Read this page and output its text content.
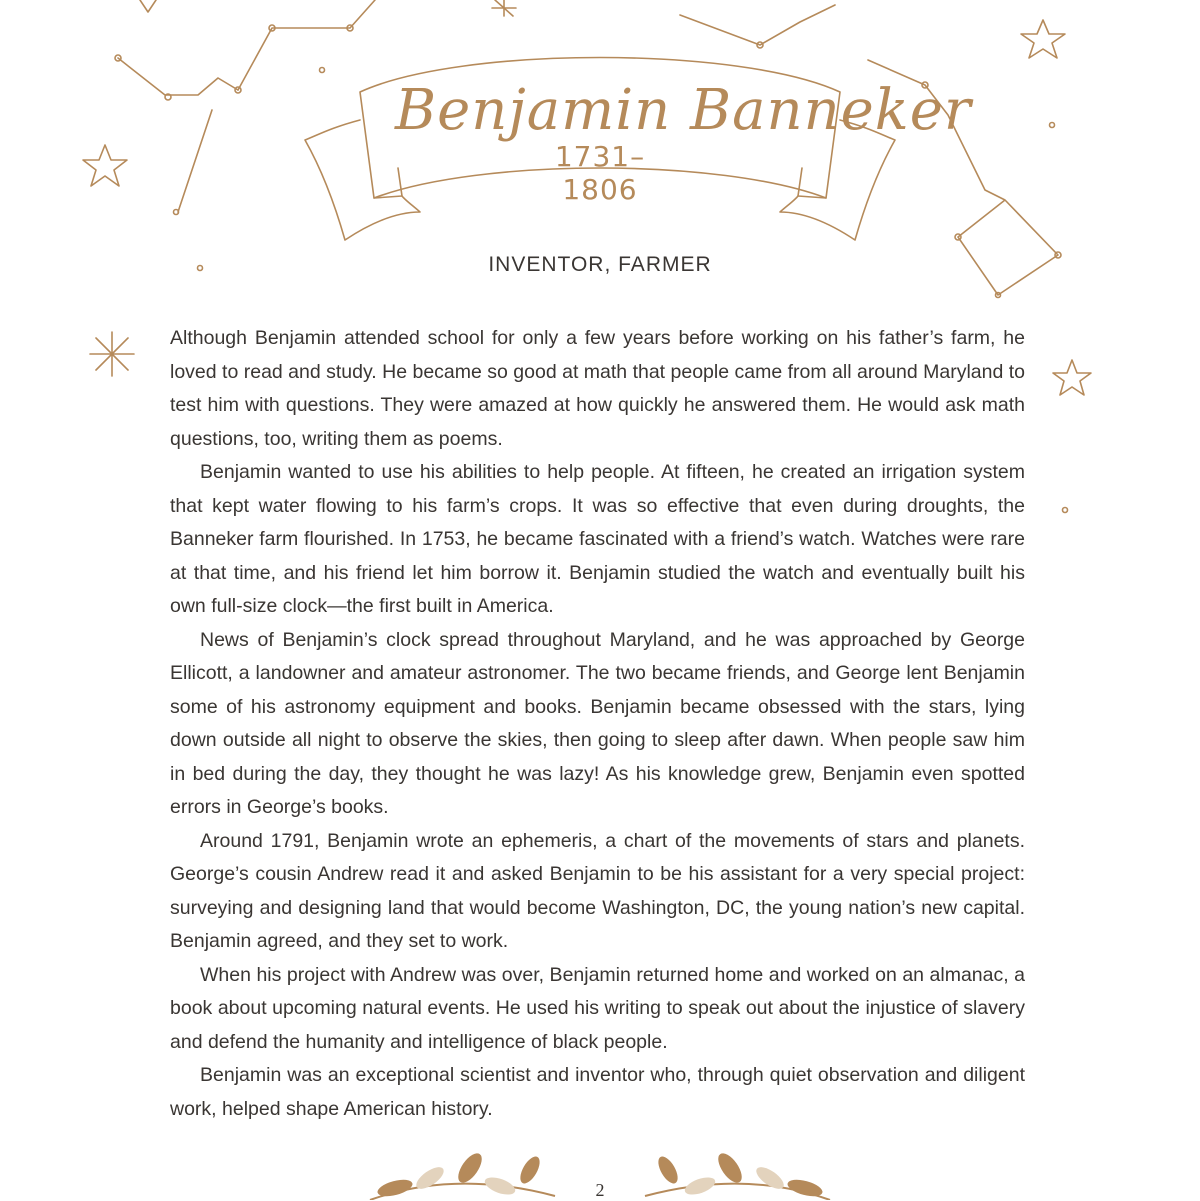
Benjamin Banneker
1731–1806
INVENTOR, FARMER

Although Benjamin attended school for only a few years before working on his father’s farm, he loved to read and study. He became so good at math that people came from all around Maryland to test him with questions. They were amazed at how quickly he answered them. He would ask math questions, too, writing them as poems.

Benjamin wanted to use his abilities to help people. At fifteen, he created an irrigation system that kept water flowing to his farm’s crops. It was so effective that even during droughts, the Banneker farm flourished. In 1753, he became fascinated with a friend’s watch. Watches were rare at that time, and his friend let him borrow it. Benjamin studied the watch and eventually built his own full-size clock—the first built in America.

News of Benjamin’s clock spread throughout Maryland, and he was approached by George Ellicott, a landowner and amateur astronomer. The two became friends, and George lent Benjamin some of his astronomy equipment and books. Benjamin became obsessed with the stars, lying down outside all night to observe the skies, then going to sleep after dawn. When people saw him in bed during the day, they thought he was lazy! As his knowledge grew, Benjamin even spotted errors in George’s books.

Around 1791, Benjamin wrote an ephemeris, a chart of the movements of stars and planets. George’s cousin Andrew read it and asked Benjamin to be his assistant for a very special project: surveying and designing land that would become Washington, DC, the young nation’s new capital. Benjamin agreed, and they set to work.

When his project with Andrew was over, Benjamin returned home and worked on an almanac, a book about upcoming natural events. He used his writing to speak out about the injustice of slavery and defend the humanity and intelligence of black people.

Benjamin was an exceptional scientist and inventor who, through quiet observation and diligent work, helped shape American history.

2
